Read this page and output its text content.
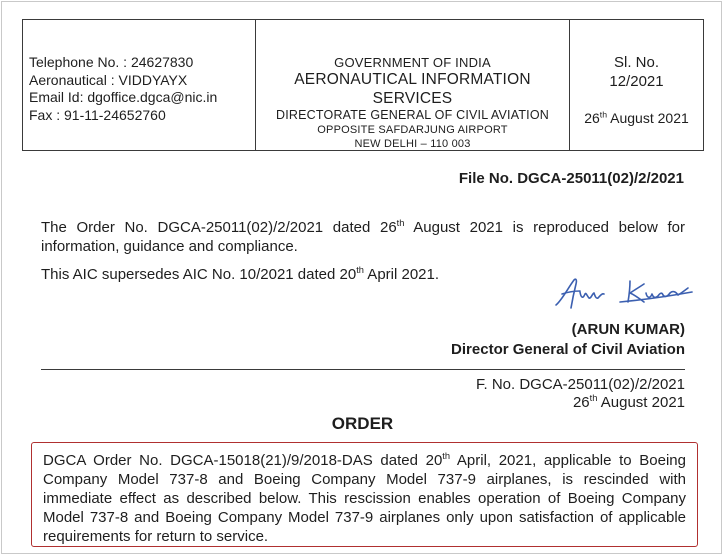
Telephone No. : 24627830
Aeronautical : VIDDYAYX
Email Id: dgoffice.dgca@nic.in
Fax : 91-11-24652760
GOVERNMENT OF INDIA
AERONAUTICAL INFORMATION SERVICES
DIRECTORATE GENERAL OF CIVIL AVIATION
OPPOSITE SAFDARJUNG AIRPORT
NEW DELHI – 110 003
Sl. No.
12/2021
26th August 2021
File No. DGCA-25011(02)/2/2021
The Order No. DGCA-25011(02)/2/2021 dated 26th August 2021 is reproduced below for information, guidance and compliance.
This AIC supersedes AIC No. 10/2021 dated 20th April 2021.
(ARUN KUMAR)
Director General of Civil Aviation
F. No. DGCA-25011(02)/2/2021
26th August 2021
ORDER
DGCA Order No. DGCA-15018(21)/9/2018-DAS dated 20th April, 2021, applicable to Boeing Company Model 737-8 and Boeing Company Model 737-9 airplanes, is rescinded with immediate effect as described below. This rescission enables operation of Boeing Company Model 737-8 and Boeing Company Model 737-9 airplanes only upon satisfaction of applicable requirements for return to service.
